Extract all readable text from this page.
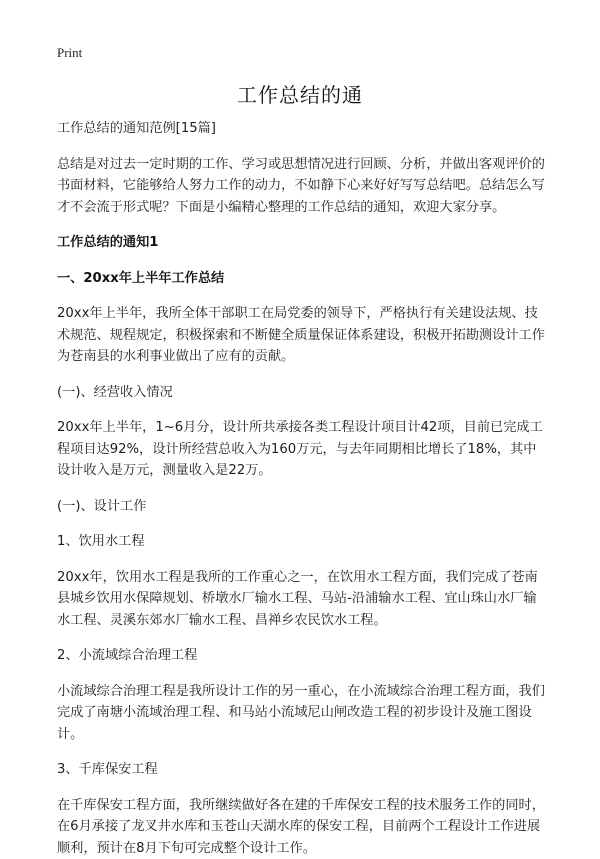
Print
工作总结的通

工作总结的通知范例[15篇]

总结是对过去一定时期的工作、学习或思想情况进行回顾、分析，并做出客观评价的书面材料，它能够给人努力工作的动力，不如静下心来好好写写总结吧。总结怎么写才不会流于形式呢？下面是小编精心整理的工作总结的通知，欢迎大家分享。

工作总结的通知1

一、20xx年上半年工作总结

20xx年上半年，我所全体干部职工在局党委的领导下，严格执行有关建设法规、技术规范、规程规定，积极探索和不断健全质量保证体系建设，积极开拓勘测设计工作为苍南县的水利事业做出了应有的贡献。

(一)、经营收入情况

20xx年上半年，1~6月分，设计所共承接各类工程设计项目计42项，目前已完成工程项目达92%，设计所经营总收入为160万元，与去年同期相比增长了18%，其中设计收入是万元，测量收入是22万。

(一)、设计工作

1、饮用水工程

20xx年，饮用水工程是我所的工作重心之一，在饮用水工程方面，我们完成了苍南县城乡饮用水保障规划、桥墩水厂输水工程、马站-沿浦输水工程、宜山珠山水厂输水工程、灵溪东郊水厂输水工程、昌禅乡农民饮水工程。

2、小流域综合治理工程

小流域综合治理工程是我所设计工作的另一重心，在小流域综合治理工程方面，我们完成了南塘小流域治理工程、和马站小流域尼山闸改造工程的初步设计及施工图设计。

3、千库保安工程

在千库保安工程方面，我所继续做好各在建的千库保安工程的技术服务工作的同时，在6月承接了龙叉井水库和玉苍山天湖水库的保安工程，目前两个工程设计工作进展顺利，预计在8月下旬可完成整个设计工作。
